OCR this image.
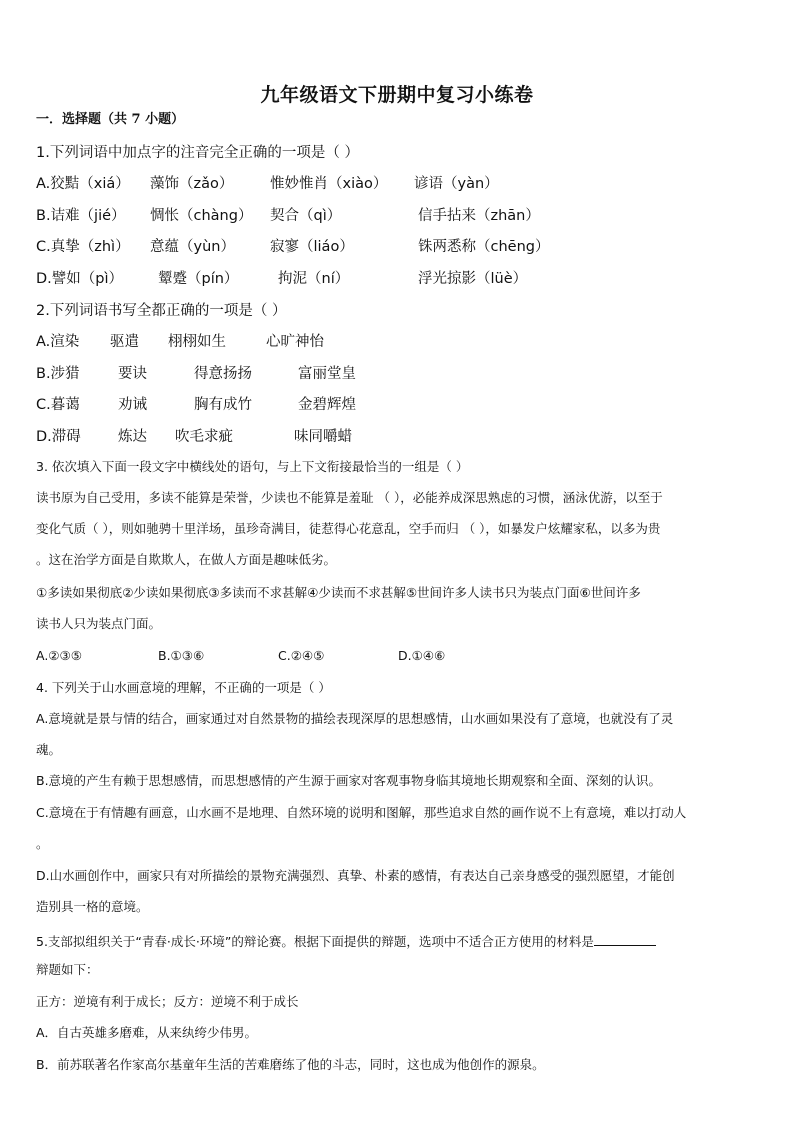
九年级语文下册期中复习小练卷
一．选择题（共 7 小题）
1.下列词语中加点字的注音完全正确的一项是（ ）
A.狡黠（xiá） 藻饰（zǎo）	惟妙惟肖（xiào） 谚语（yàn）
B.诘难（jié） 惆怅（chàng） 契合（qì）	信手拈来（zhān）
C.真挚（zhì） 意蕴（yùn） 寂寥（liáo）	铢两悉称（chēng）
D.譬如（pì） 颦蹙（pín）	拘泥（ní）	浮光掠影（lüè）
2.下列词语书写全都正确的一项是（ ）
A.渲染 驱遣 栩栩如生	心旷神怡
B.涉猎	要诀	得意扬扬	富丽堂皇
C.暮蔼	劝诫	胸有成竹	金碧辉煌
D.滞碍	炼达 吹毛求疵	味同嚼蜡
3. 依次填入下面一段文字中横线处的语句，与上下文衔接最恰当的一组是（ ）
读书原为自己受用，多读不能算是荣誉，少读也不能算是羞耻 （ ），必能养成深思熟虑的习惯，涵泳优游，以至于
变化气质（ ），则如驰骋十里洋场，虽珍奇满目，徒惹得心花意乱，空手而归 （ ），如暴发户炫耀家私，以多为贵
。这在治学方面是自欺欺人，在做人方面是趣味低劣。
①多读如果彻底②少读如果彻底③多读而不求甚解④少读而不求甚解⑤世间许多人读书只为装点门面⑥世间许多
读书人只为装点门面。
A.②③⑤	B.①③⑥	C.②④⑤	D.①④⑥
4. 下列关于山水画意境的理解，不正确的一项是（ ）
A.意境就是景与情的结合，画家通过对自然景物的描绘表现深厚的思想感情，山水画如果没有了意境，也就没有了灵
魂。
B.意境的产生有赖于思想感情，而思想感情的产生源于画家对客观事物身临其境地长期观察和全面、深刻的认识。
C.意境在于有情趣有画意，山水画不是地理、自然环境的说明和图解，那些追求自然的画作说不上有意境，难以打动人
。
D.山水画创作中，画家只有对所描绘的景物充满强烈、真挚、朴素的感情，有表达自己亲身感受的强烈愿望，才能创
造别具一格的意境。
5.支部拟组织关于“青春·成长·环境”的辩论赛。根据下面提供的辩题，选项中不适合正方使用的材料是
辩题如下：
正方：逆境有利于成长；反方：逆境不利于成长
A．自古英雄多磨难，从来纨绔少伟男。
B．前苏联著名作家高尔基童年生活的苦难磨练了他的斗志，同时，这也成为他创作的源泉。
